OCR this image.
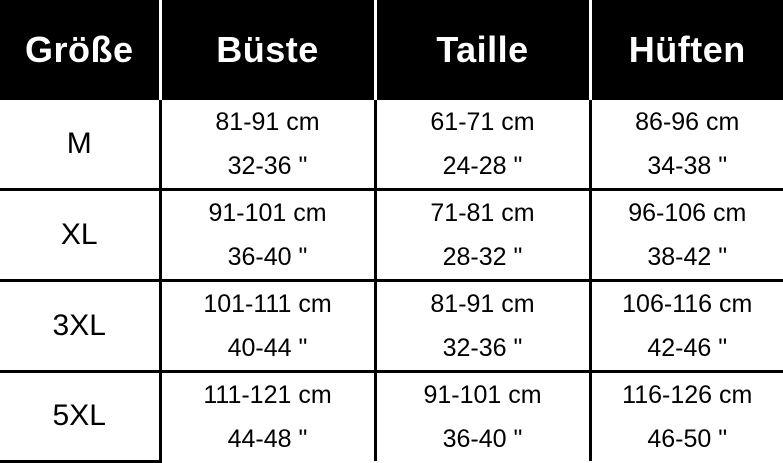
Größe	Büste	Taille	Hüften
M	81-91 cm	61-71 cm	86-96 cm
	32-36 "	24-28 "	34-38 "
XL	91-101 cm	71-81 cm	96-106 cm
	36-40 "	28-32 "	38-42 "
3XL	101-111 cm	81-91 cm	106-116 cm
	40-44 "	32-36 "	42-46 "
5XL	111-121 cm	91-101 cm	116-126 cm
	44-48 "	36-40 "	46-50 "
